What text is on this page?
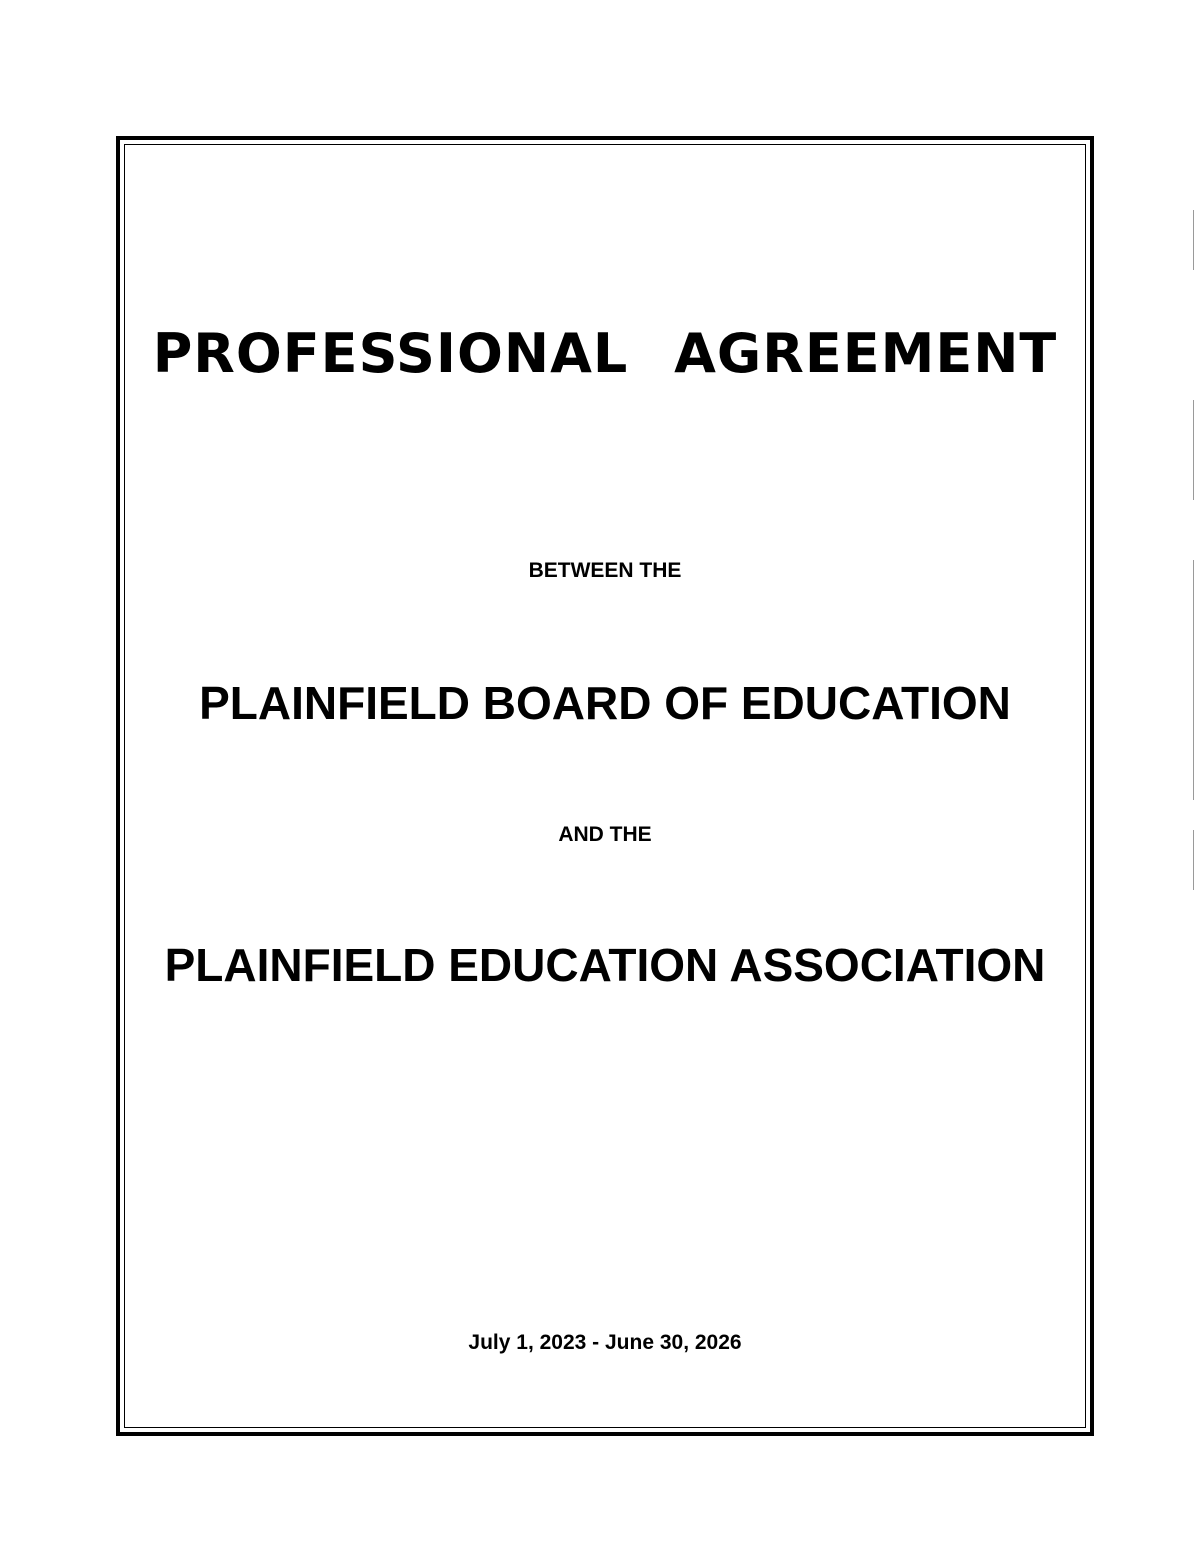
PROFESSIONAL AGREEMENT

BETWEEN THE

PLAINFIELD BOARD OF EDUCATION

AND THE

PLAINFIELD EDUCATION ASSOCIATION

July 1, 2023 - June 30, 2026
